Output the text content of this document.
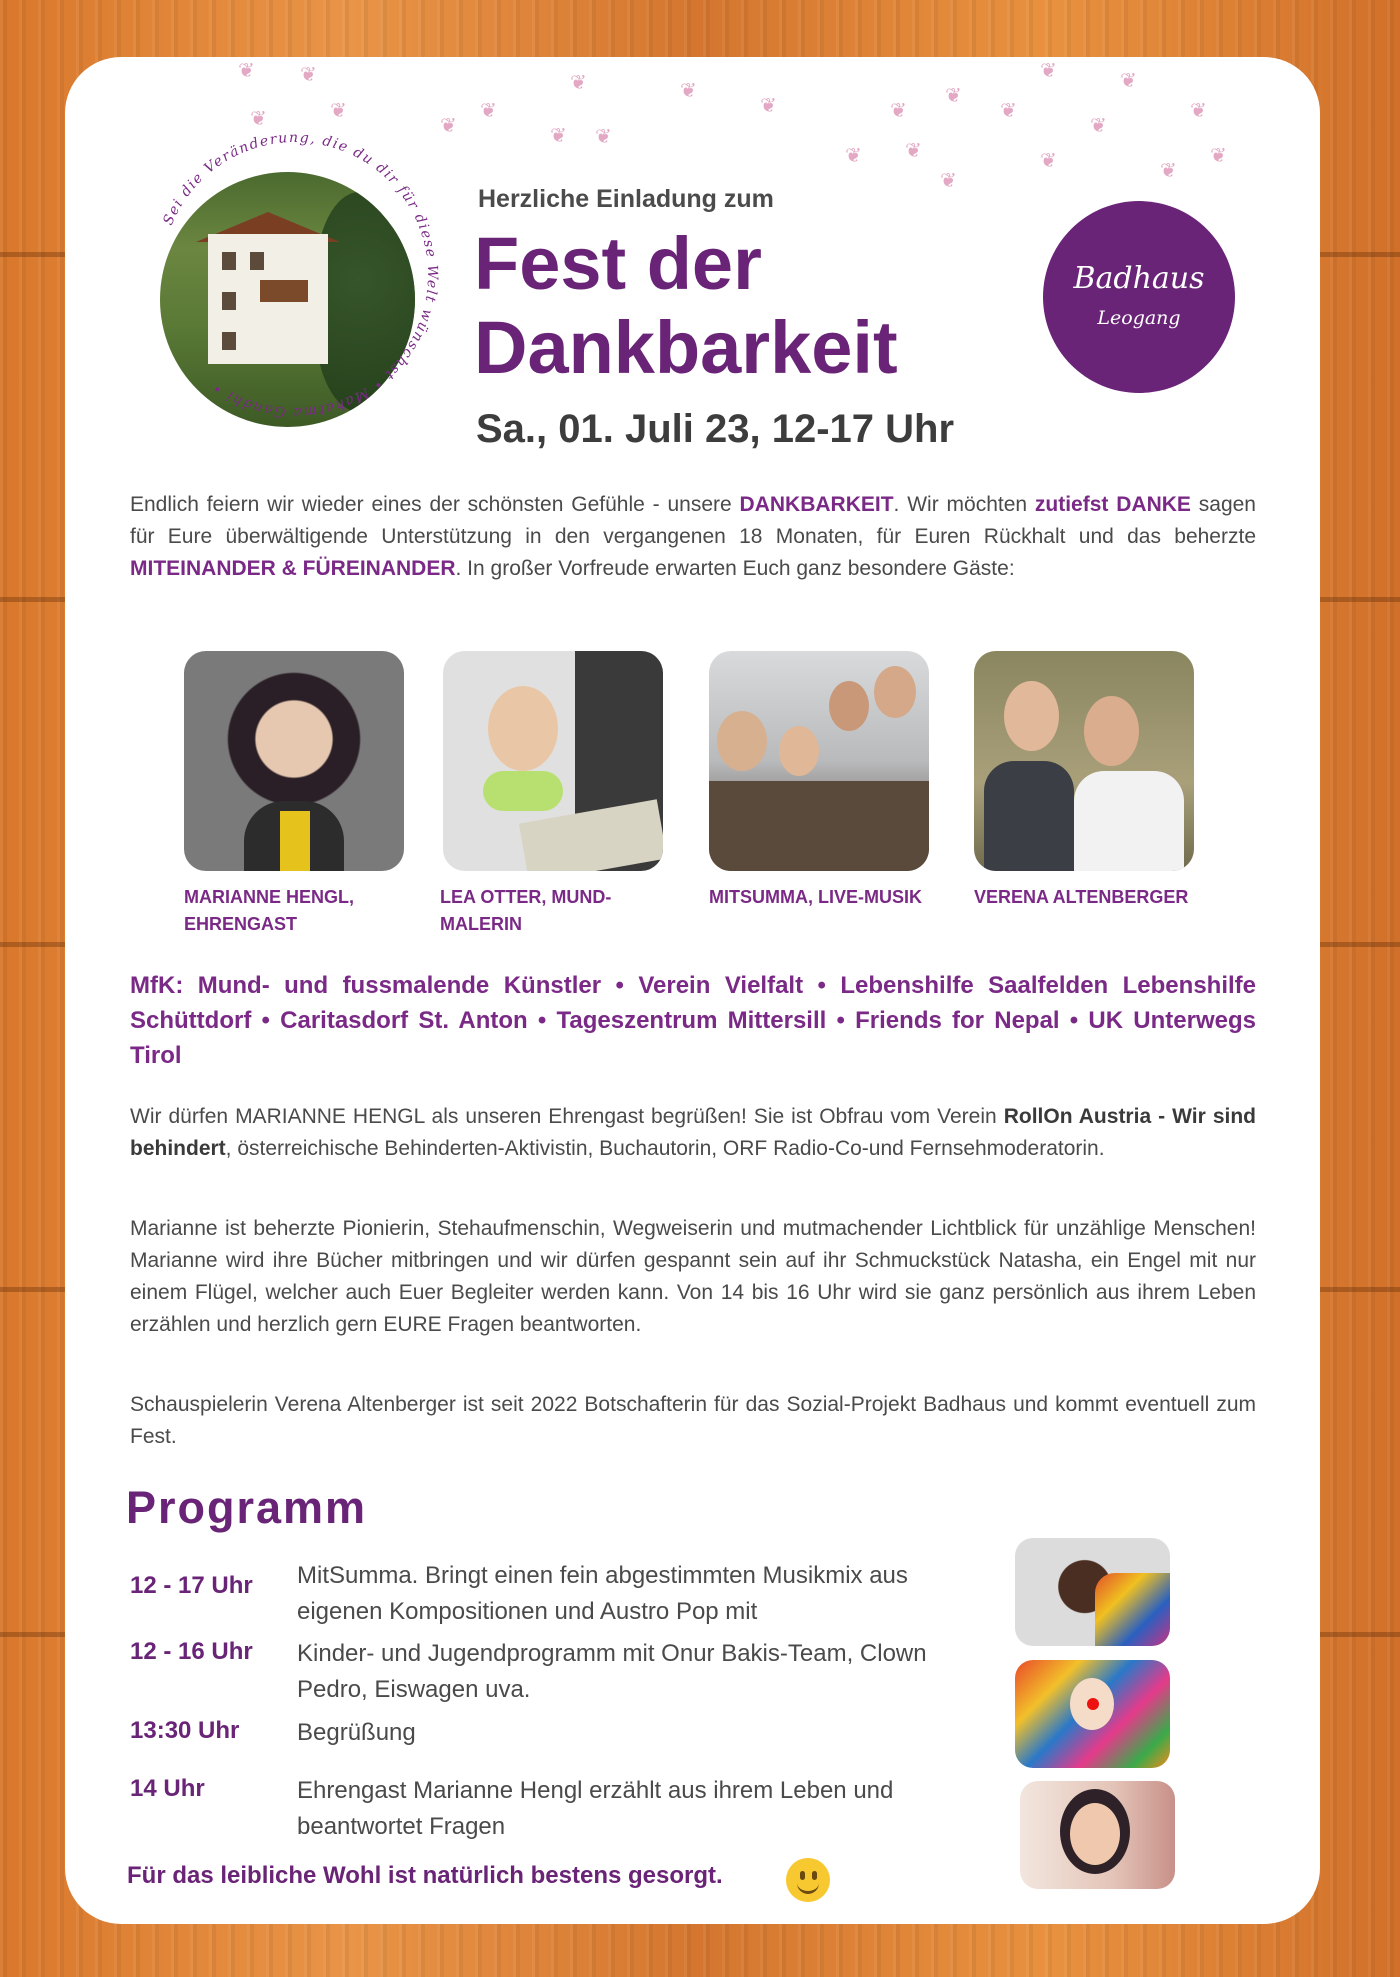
❦ ❦
❦	❦
❦
❦
❦
❦ ❦
❦
❦	❦
❦
❦
❦
❦
❦
❦
❦
❦
❦
❦
❦
❦
Sei die Veränderung, die du dir für diese Welt wünschst • Mahatma Gandhi •
Herzliche Einladung zum
Fest der
Dankbarkeit
Sa., 01. Juli 23, 12-17 Uhr
Badhaus
Leogang
Endlich feiern wir wieder eines der schönsten Gefühle - unsere DANKBARKEIT. Wir möchten zutiefst DANKE sagen für Eure überwältigende Unterstützung in den vergangenen 18 Monaten, für Euren Rückhalt und das beherzte MITEINANDER & FÜREINANDER. In großer Vorfreude erwarten Euch ganz besondere Gäste:
MARIANNE HENGL, EHRENGAST
LEA OTTER, MUND-MALERIN
MITSUMMA, LIVE-MUSIK	VERENA ALTENBERGER
MfK: Mund- und fussmalende Künstler • Verein Vielfalt • Lebenshilfe Saalfelden Lebenshilfe Schüttdorf • Caritasdorf St. Anton • Tageszentrum Mittersill • Friends for Nepal • UK Unterwegs Tirol
Wir dürfen MARIANNE HENGL als unseren Ehrengast begrüßen! Sie ist Obfrau vom Verein RollOn Austria - Wir sind behindert, österreichische Behinderten-Aktivistin, Buchautorin, ORF Radio-Co-und Fernsehmoderatorin.
Marianne ist beherzte Pionierin, Stehaufmenschin, Wegweiserin und mutmachender Lichtblick für unzählige Menschen! Marianne wird ihre Bücher mitbringen und wir dürfen gespannt sein auf ihr Schmuckstück Natasha, ein Engel mit nur einem Flügel, welcher auch Euer Begleiter werden kann. Von 14 bis 16 Uhr wird sie ganz persönlich aus ihrem Leben erzählen und herzlich gern EURE Fragen beantworten.
Schauspielerin Verena Altenberger ist seit 2022 Botschafterin für das Sozial-Projekt Badhaus und kommt eventuell zum Fest.
Programm
12 - 17 Uhr	MitSumma. Bringt einen fein abgestimmten Musikmix aus eigenen Kompositionen und Austro Pop mit
12 - 16 Uhr	Kinder- und Jugendprogramm mit Onur Bakis-Team, Clown Pedro, Eiswagen uva.
13:30 Uhr	Begrüßung
14 Uhr	Ehrengast Marianne Hengl erzählt aus ihrem Leben und beantwortet Fragen
Für das leibliche Wohl ist natürlich bestens gesorgt.
